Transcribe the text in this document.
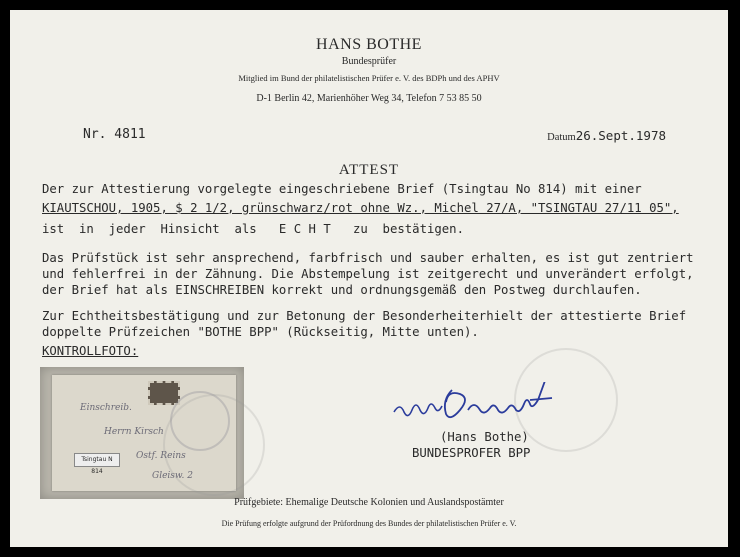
HANS BOTHE
Bundesprüfer
Mitglied im Bund der philatelistischen Prüfer e. V. des BDPh und des APHV
D-1 Berlin 42, Marienhöher Weg 34, Telefon 7 53 85 50
Nr. 4811	Datum26.Sept.1978
ATTEST
Der zur Attestierung vorgelegte eingeschriebene Brief (Tsingtau No 814) mit einer
KIAUTSCHOU, 1905, $ 2 1/2, grünschwarz/rot ohne Wz., Michel 27/A, "TSINGTAU 27/11 05",
ist  in  jeder  Hinsicht  als   E C H T   zu  bestätigen.
Das Prüfstück ist sehr ansprechend, farbfrisch und sauber erhalten, es ist gut zentriert
und fehlerfrei in der Zähnung. Die Abstempelung ist zeitgerecht und unverändert erfolgt,
der Brief hat als EINSCHREIBEN korrekt und ordnungsgemäß den Postweg durchlaufen.
Zur Echtheitsbestätigung und zur Betonung der Besonderheiterhielt der attestierte Brief
doppelte Prüfzeichen "BOTHE BPP" (Rückseitig, Mitte unten).
KONTROLLFOTO:
Einschreib.
Herrn Kirsch
Ostf. Reins
Gleisw. 2
Tsingtau N 814
(Hans Bothe)
BUNDESPROFER BPP
Prüfgebiete: Ehemalige Deutsche Kolonien und Auslandspostämter
Die Prüfung erfolgte aufgrund der Prüfordnung des Bundes der philatelistischen Prüfer e. V.
